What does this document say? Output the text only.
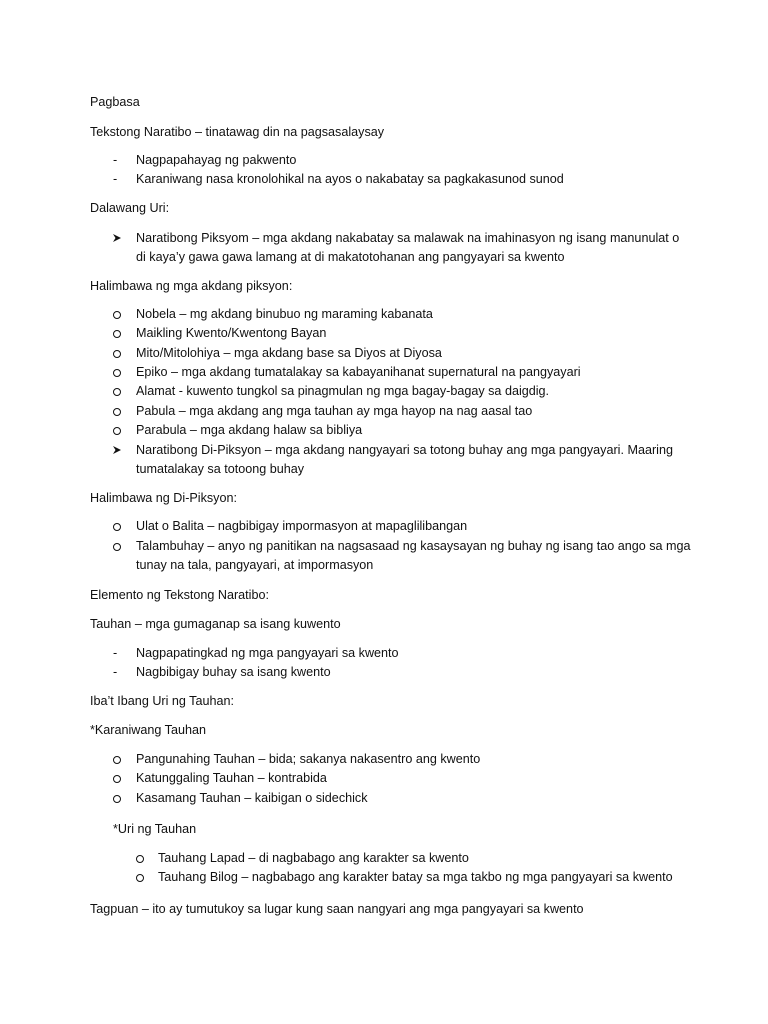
Pagbasa
Tekstong Naratibo – tinatawag din na pagsasalaysay
- Nagpapahayag ng pakwento
- Karaniwang nasa kronolohikal na ayos o nakabatay sa pagkakasunod sunod
Dalawang Uri:
Naratibong Piksyom – mga akdang nakabatay sa malawak na imahinasyon ng isang manunulat o
di kaya’y gawa gawa lamang at di makatotohanan ang pangyayari sa kwento
Halimbawa ng mga akdang piksyon:
Nobela – mg akdang binubuo ng maraming kabanata
Maikling Kwento/Kwentong Bayan
Mito/Mitolohiya – mga akdang base sa Diyos at Diyosa
Epiko – mga akdang tumatalakay sa kabayanihanat supernatural na pangyayari
Alamat - kuwento tungkol sa pinagmulan ng mga bagay-bagay sa daigdig.
Pabula – mga akdang ang mga tauhan ay mga hayop na nag aasal tao
Parabula – mga akdang halaw sa bibliya
Naratibong Di-Piksyon – mga akdang nangyayari sa totong buhay ang mga pangyayari. Maaring
tumatalakay sa totoong buhay
Halimbawa ng Di-Piksyon:
Ulat o Balita – nagbibigay impormasyon at mapaglilibangan
Talambuhay – anyo ng panitikan na nagsasaad ng kasaysayan ng buhay ng isang tao ango sa mga
tunay na tala, pangyayari, at impormasyon
Elemento ng Tekstong Naratibo:
Tauhan – mga gumaganap sa isang kuwento
- Nagpapatingkad ng mga pangyayari sa kwento
- Nagbibigay buhay sa isang kwento
Iba’t Ibang Uri ng Tauhan:
*Karaniwang Tauhan
Pangunahing Tauhan – bida; sakanya nakasentro ang kwento
Katunggaling Tauhan – kontrabida
Kasamang Tauhan – kaibigan o sidechick
*Uri ng Tauhan
Tauhang Lapad – di nagbabago ang karakter sa kwento
Tauhang Bilog – nagbabago ang karakter batay sa mga takbo ng mga pangyayari sa kwento
Tagpuan – ito ay tumutukoy sa lugar kung saan nangyari ang mga pangyayari sa kwento
